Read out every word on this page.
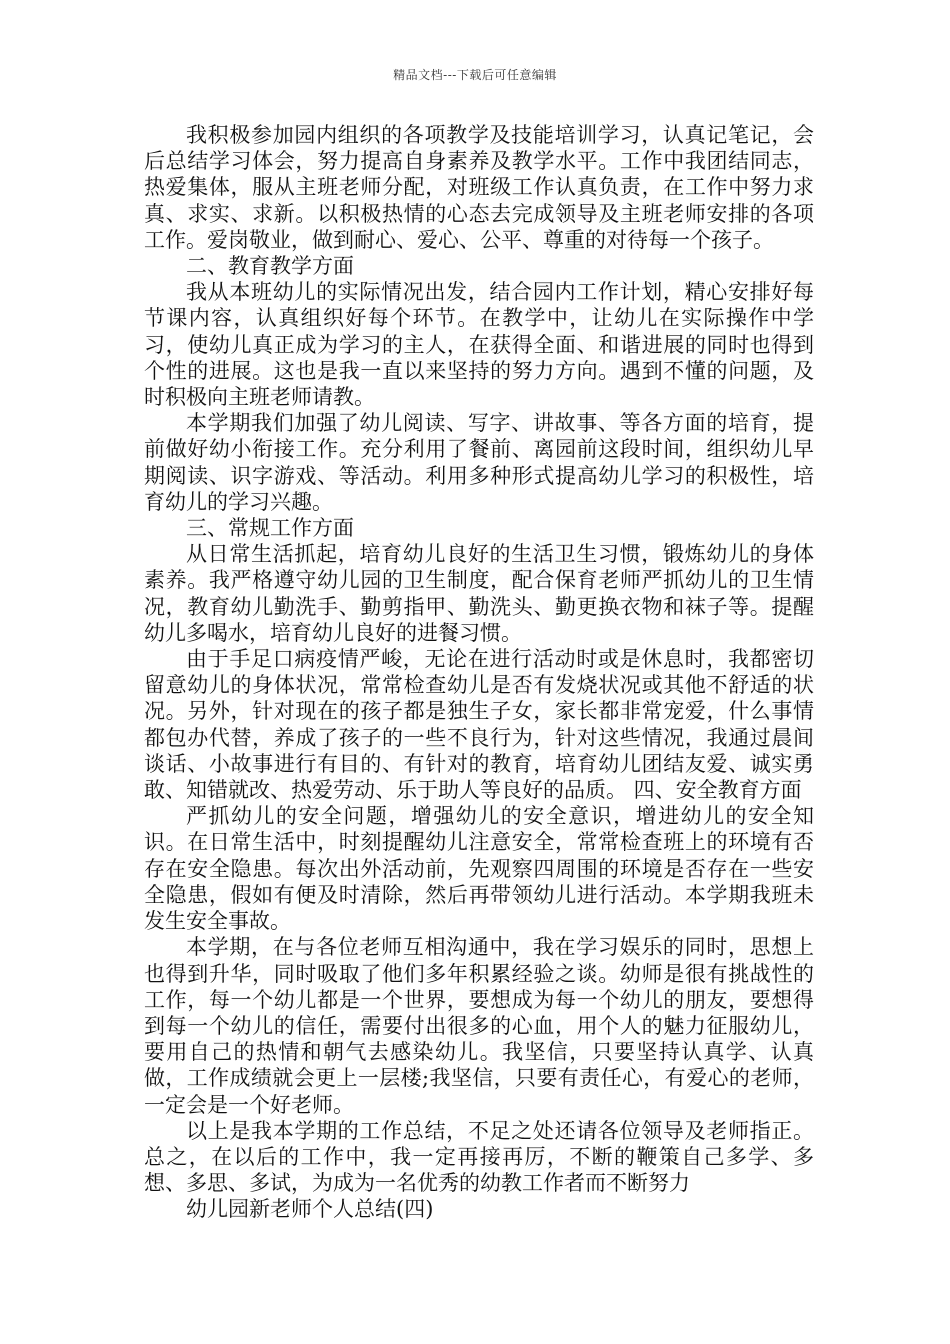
精品文档---下载后可任意编辑

我积极参加园内组织的各项教学及技能培训学习，认真记笔记，会后总结学习体会，努力提高自身素养及教学水平。工作中我团结同志，热爱集体，服从主班老师分配，对班级工作认真负责，在工作中努力求真、求实、求新。以积极热情的心态去完成领导及主班老师安排的各项工作。爱岗敬业，做到耐心、爱心、公平、尊重的对待每一个孩子。

二、教育教学方面

我从本班幼儿的实际情况出发，结合园内工作计划，精心安排好每节课内容，认真组织好每个环节。在教学中，让幼儿在实际操作中学习，使幼儿真正成为学习的主人，在获得全面、和谐进展的同时也得到个性的进展。这也是我一直以来坚持的努力方向。遇到不懂的问题，及时积极向主班老师请教。

本学期我们加强了幼儿阅读、写字、讲故事、等各方面的培育，提前做好幼小衔接工作。充分利用了餐前、离园前这段时间，组织幼儿早期阅读、识字游戏、等活动。利用多种形式提高幼儿学习的积极性，培育幼儿的学习兴趣。

三、常规工作方面

从日常生活抓起，培育幼儿良好的生活卫生习惯，锻炼幼儿的身体素养。我严格遵守幼儿园的卫生制度，配合保育老师严抓幼儿的卫生情况，教育幼儿勤洗手、勤剪指甲、勤洗头、勤更换衣物和袜子等。提醒幼儿多喝水，培育幼儿良好的进餐习惯。

由于手足口病疫情严峻，无论在进行活动时或是休息时，我都密切留意幼儿的身体状况，常常检查幼儿是否有发烧状况或其他不舒适的状况。另外，针对现在的孩子都是独生子女，家长都非常宠爱，什么事情都包办代替，养成了孩子的一些不良行为，针对这些情况，我通过晨间谈话、小故事进行有目的、有针对的教育，培育幼儿团结友爱、诚实勇敢、知错就改、热爱劳动、乐于助人等良好的品质。 四、安全教育方面

严抓幼儿的安全问题，增强幼儿的安全意识，增进幼儿的安全知识。在日常生活中，时刻提醒幼儿注意安全，常常检查班上的环境有否存在安全隐患。每次出外活动前，先观察四周围的环境是否存在一些安全隐患，假如有便及时清除，然后再带领幼儿进行活动。本学期我班未发生安全事故。

本学期，在与各位老师互相沟通中，我在学习娱乐的同时，思想上也得到升华，同时吸取了他们多年积累经验之谈。幼师是很有挑战性的工作，每一个幼儿都是一个世界，要想成为每一个幼儿的朋友，要想得到每一个幼儿的信任，需要付出很多的心血，用个人的魅力征服幼儿，要用自己的热情和朝气去感染幼儿。我坚信，只要坚持认真学、认真做，工作成绩就会更上一层楼;我坚信，只要有责任心，有爱心的老师，一定会是一个好老师。

以上是我本学期的工作总结，不足之处还请各位领导及老师指正。总之，在以后的工作中，我一定再接再厉，不断的鞭策自己多学、多想、多思、多试，为成为一名优秀的幼教工作者而不断努力

幼儿园新老师个人总结(四)
